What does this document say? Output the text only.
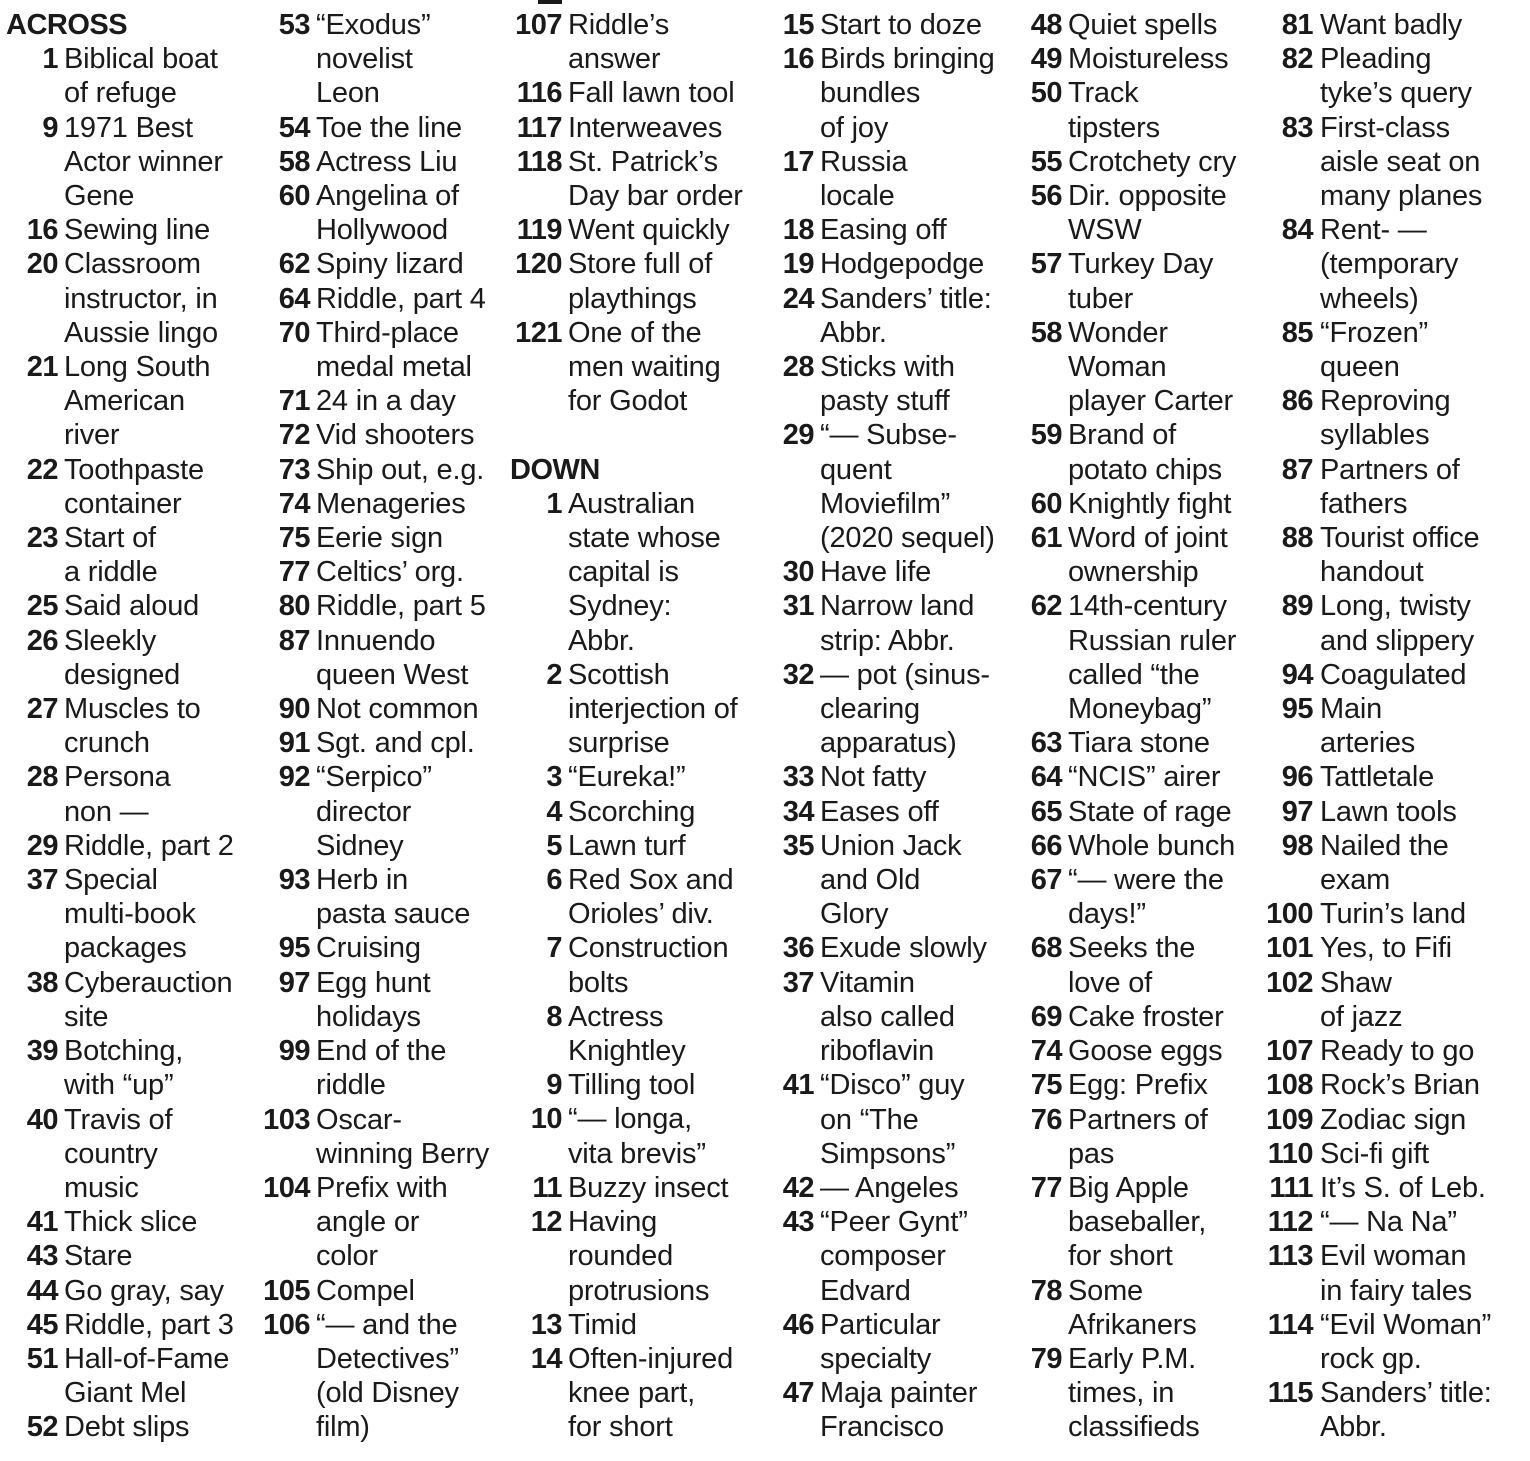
ACROSS
1 Biblical boat
of refuge
9 1971 Best
Actor winner
Gene
16 Sewing line
20 Classroom
instructor, in
Aussie lingo
21 Long South
American
river
22 Toothpaste
container
23 Start of
a riddle
25 Said aloud
26 Sleekly
designed
27 Muscles to
crunch
28 Persona
non —
29 Riddle, part 2
37 Special
multi-book
packages
38 Cyberauction
site
39 Botching,
with “up”
40 Travis of
country
music
41 Thick slice
43 Stare
44 Go gray, say
45 Riddle, part 3
51 Hall-of-Fame
Giant Mel
52 Debt slips
53 “Exodus”
novelist
Leon
54 Toe the line
58 Actress Liu
60 Angelina of
Hollywood
62 Spiny lizard
64 Riddle, part 4
70 Third-place
medal metal
71 24 in a day
72 Vid shooters
73 Ship out, e.g.
74 Menageries
75 Eerie sign
77 Celtics’ org.
80 Riddle, part 5
87 Innuendo
queen West
90 Not common
91 Sgt. and cpl.
92 “Serpico”
director
Sidney
93 Herb in
pasta sauce
95 Cruising
97 Egg hunt
holidays
99 End of the
riddle
103 Oscar-
winning Berry
104 Prefix with
angle or
color
105 Compel
106 “— and the
Detectives”
(old Disney
film)
107 Riddle’s
answer
116 Fall lawn tool
117 Interweaves
118 St. Patrick’s
Day bar order
119 Went quickly
120 Store full of
playthings
121 One of the
men waiting
for Godot
DOWN
1 Australian
state whose
capital is
Sydney:
Abbr.
2 Scottish
interjection of
surprise
3 “Eureka!”
4 Scorching
5 Lawn turf
6 Red Sox and
Orioles’ div.
7 Construction
bolts
8 Actress
Knightley
9 Tilling tool
10 “— longa,
vita brevis”
11 Buzzy insect
12 Having
rounded
protrusions
13 Timid
14 Often-injured
knee part,
for short
15 Start to doze
16 Birds bringing
bundles
of joy
17 Russia
locale
18 Easing off
19 Hodgepodge
24 Sanders’ title:
Abbr.
28 Sticks with
pasty stuff
29 “— Subse-
quent
Moviefilm”
(2020 sequel)
30 Have life
31 Narrow land
strip: Abbr.
32 — pot (sinus-
clearing
apparatus)
33 Not fatty
34 Eases off
35 Union Jack
and Old
Glory
36 Exude slowly
37 Vitamin
also called
riboflavin
41 “Disco” guy
on “The
Simpsons”
42 — Angeles
43 “Peer Gynt”
composer
Edvard
46 Particular
specialty
47 Maja painter
Francisco
48 Quiet spells
49 Moistureless
50 Track
tipsters
55 Crotchety cry
56 Dir. opposite
WSW
57 Turkey Day
tuber
58 Wonder
Woman
player Carter
59 Brand of
potato chips
60 Knightly fight
61 Word of joint
ownership
62 14th-century
Russian ruler
called “the
Moneybag”
63 Tiara stone
64 “NCIS” airer
65 State of rage
66 Whole bunch
67 “— were the
days!”
68 Seeks the
love of
69 Cake froster
74 Goose eggs
75 Egg: Prefix
76 Partners of
pas
77 Big Apple
baseballer,
for short
78 Some
Afrikaners
79 Early P.M.
times, in
classifieds
81 Want badly
82 Pleading
tyke’s query
83 First-class
aisle seat on
many planes
84 Rent- —
(temporary
wheels)
85 “Frozen”
queen
86 Reproving
syllables
87 Partners of
fathers
88 Tourist office
handout
89 Long, twisty
and slippery
94 Coagulated
95 Main
arteries
96 Tattletale
97 Lawn tools
98 Nailed the
exam
100 Turin’s land
101 Yes, to Fifi
102 Shaw
of jazz
107 Ready to go
108 Rock’s Brian
109 Zodiac sign
110 Sci-fi gift
111 It’s S. of Leb.
112 “— Na Na”
113 Evil woman
in fairy tales
114 “Evil Woman”
rock gp.
115 Sanders’ title:
Abbr.
